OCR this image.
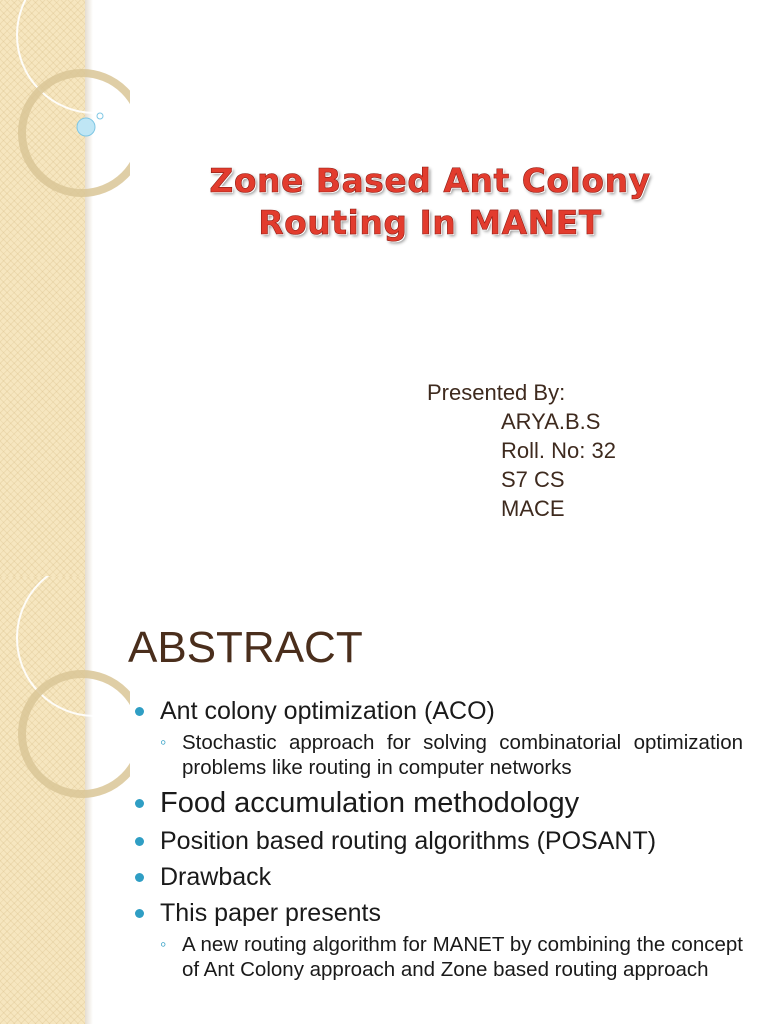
Zone Based Ant Colony
Routing In MANET
Presented By:
ARYA.B.S
Roll. No: 32
S7 CS
MACE
ABSTRACT
Ant colony optimization (ACO)
◦ Stochastic approach for solving combinatorial optimization problems like routing in computer networks
Food accumulation methodology
Position based routing algorithms (POSANT)
Drawback
This paper presents
◦ A new routing algorithm for MANET by combining the concept of Ant Colony approach and Zone based routing approach
